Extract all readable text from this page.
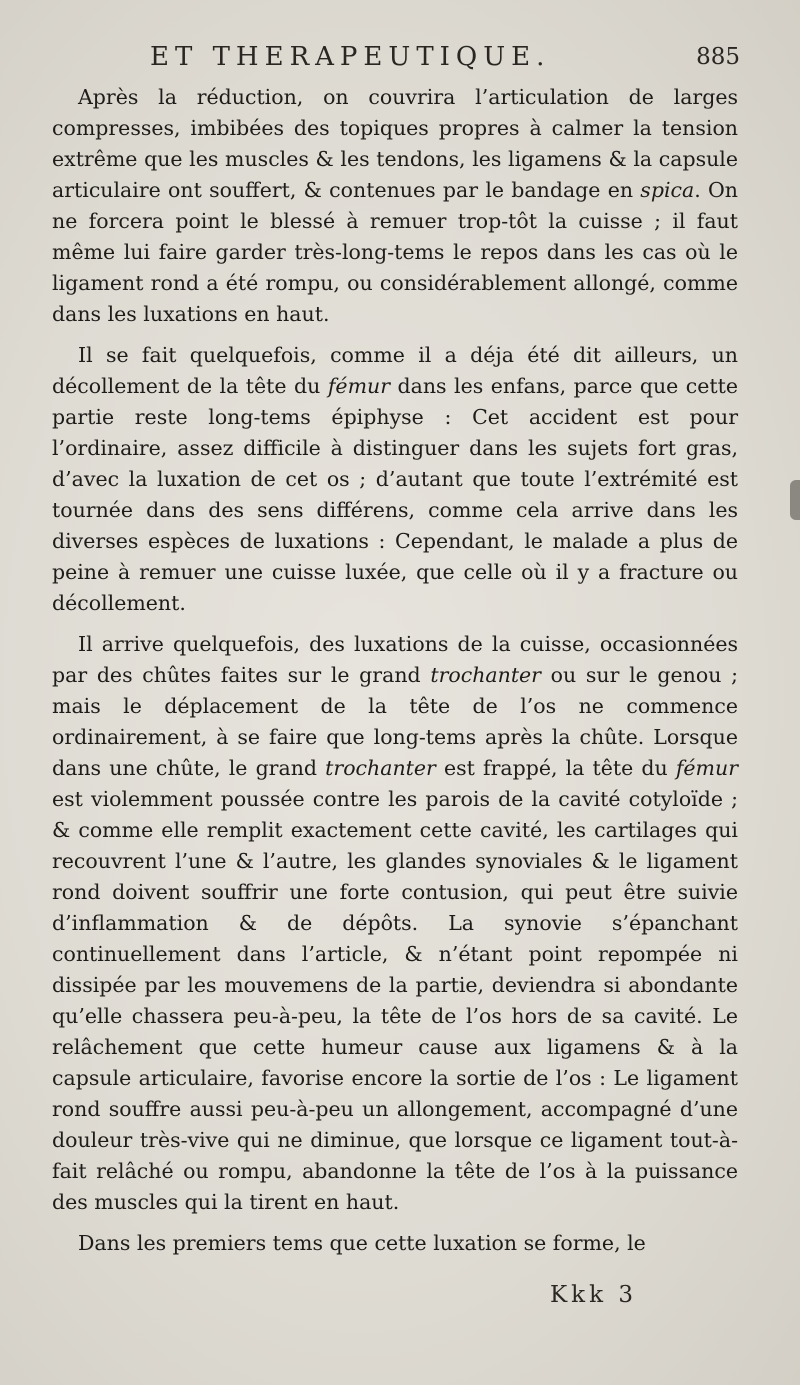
ET THERAPEUTIQUE.	885

Après la réduction, on couvrira l’articulation de larges compresses, imbibées des topiques propres à calmer la tension extrême que les muscles & les tendons, les ligamens & la capsule articulaire ont souffert, & contenues par le bandage en spica. On ne forcera point le blessé à remuer trop-tôt la cuisse ; il faut même lui faire garder très-long-tems le repos dans les cas où le ligament rond a été rompu, ou considérablement allongé, comme dans les luxations en haut.

Il se fait quelquefois, comme il a déja été dit ailleurs, un décollement de la tête du fémur dans les enfans, parce que cette partie reste long-tems épiphyse : Cet accident est pour l’ordinaire, assez difficile à distinguer dans les sujets fort gras, d’avec la luxation de cet os ; d’autant que toute l’extrémité est tournée dans des sens différens, comme cela arrive dans les diverses espèces de luxations : Cependant, le malade a plus de peine à remuer une cuisse luxée, que celle où il y a fracture ou décollement.

Il arrive quelquefois, des luxations de la cuisse, occasionnées par des chûtes faites sur le grand trochanter ou sur le genou ; mais le déplacement de la tête de l’os ne commence ordinairement, à se faire que long-tems après la chûte. Lorsque dans une chûte, le grand trochanter est frappé, la tête du fémur est violemment poussée contre les parois de la cavité cotyloïde ; & comme elle remplit exactement cette cavité, les cartilages qui recouvrent l’une & l’autre, les glandes synoviales & le ligament rond doivent souffrir une forte contusion, qui peut être suivie d’inflammation & de dépôts. La synovie s’épanchant continuellement dans l’article, & n’étant point repompée ni dissipée par les mouvemens de la partie, deviendra si abondante qu’elle chassera peu-à-peu, la tête de l’os hors de sa cavité. Le relâchement que cette humeur cause aux ligamens & à la capsule articulaire, favorise encore la sortie de l’os : Le ligament rond souffre aussi peu-à-peu un allongement, accompagné d’une douleur très-vive qui ne diminue, que lorsque ce ligament tout-à-fait relâché ou rompu, abandonne la tête de l’os à la puissance des muscles qui la tirent en haut.

Dans les premiers tems que cette luxation se forme, le

Kkk 3
